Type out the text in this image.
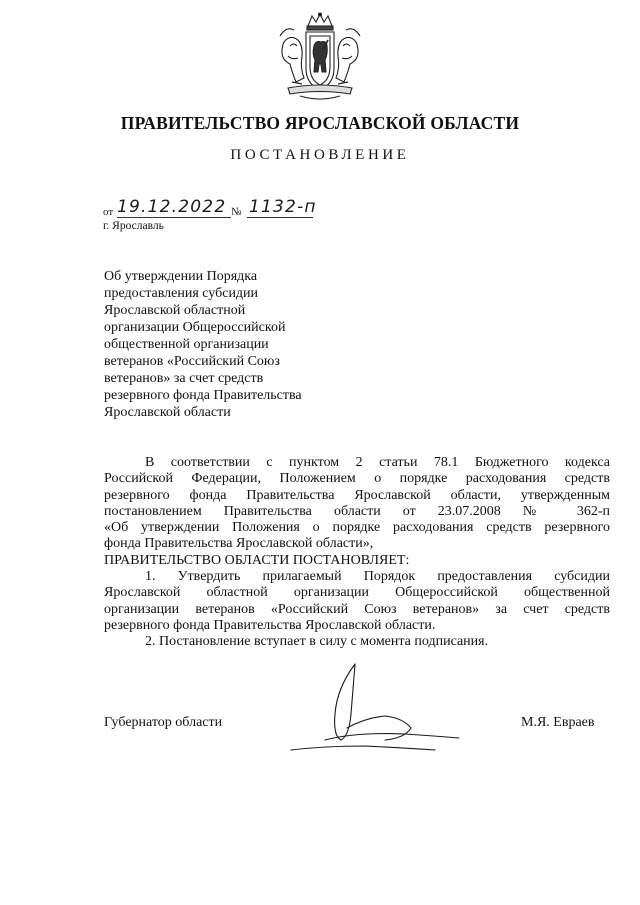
ПРАВИТЕЛЬСТВО ЯРОСЛАВСКОЙ ОБЛАСТИ
ПОСТАНОВЛЕНИЕ
от 19.12.2022 № 1132-п
г. Ярославль
Об утверждении Порядка
предоставления субсидии
Ярославской областной
организации Общероссийской
общественной организации
ветеранов «Российский Союз
ветеранов» за счет средств
резервного фонда Правительства
Ярославской области
В соответствии с пунктом 2 статьи 78.1 Бюджетного кодекса
Российской Федерации, Положением о порядке расходования средств
резервного фонда Правительства Ярославской области, утвержденным
постановлением Правительства области от 23.07.2008 № 362-п
«Об утверждении Положения о порядке расходования средств резервного
фонда Правительства Ярославской области»,
ПРАВИТЕЛЬСТВО ОБЛАСТИ ПОСТАНОВЛЯЕТ:
1. Утвердить прилагаемый Порядок предоставления субсидии
Ярославской областной организации Общероссийской общественной
организации ветеранов «Российский Союз ветеранов» за счет средств
резервного фонда Правительства Ярославской области.
2. Постановление вступает в силу с момента подписания.
Губернатор области	М.Я. Евраев
